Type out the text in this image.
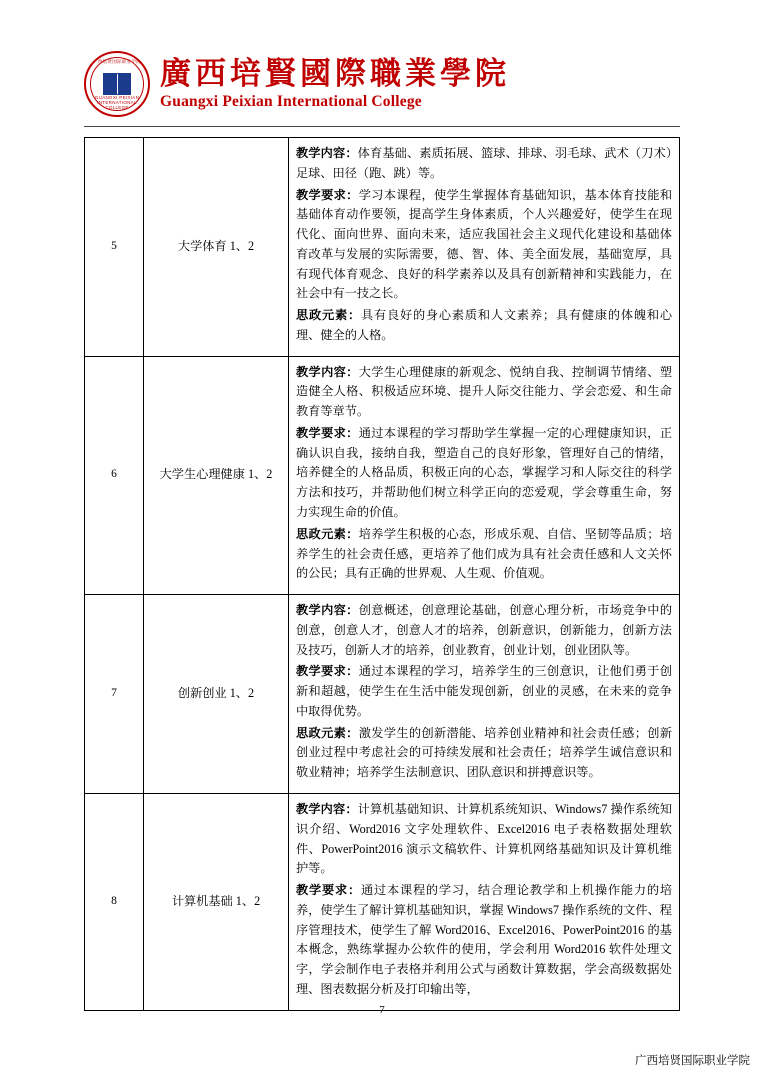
广西培贤国际职业学院
GUANGXI PEIXIAN INTERNATIONAL COLLEGE
廣西培賢國際職業學院
Guangxi Peixian International College
5	大学体育 1、2	教学内容：体育基础、素质拓展、篮球、排球、羽毛球、武术（刀术）足球、田径（跑、跳）等。

教学要求：学习本课程，使学生掌握体育基础知识，基本体育技能和基础体育动作要领，提高学生身体素质，个人兴趣爱好，使学生在现代化、面向世界、面向未来，适应我国社会主义现代化建设和基础体育改革与发展的实际需要，德、智、体、美全面发展，基础宽厚，具有现代体育观念、良好的科学素养以及具有创新精神和实践能力，在社会中有一技之长。

思政元素：具有良好的身心素质和人文素养；具有健康的体魄和心理、健全的人格。

6	大学生心理健康 1、2	教学内容：大学生心理健康的新观念、悦纳自我、控制调节情绪、塑造健全人格、积极适应环境、提升人际交往能力、学会恋爱、和生命教育等章节。

教学要求：通过本课程的学习帮助学生掌握一定的心理健康知识，正确认识自我，接纳自我，塑造自己的良好形象，管理好自己的情绪，培养健全的人格品质，积极正向的心态，掌握学习和人际交往的科学方法和技巧，并帮助他们树立科学正向的恋爱观，学会尊重生命，努力实现生命的价值。

思政元素：培养学生积极的心态，形成乐观、自信、坚韧等品质；培养学生的社会责任感，更培养了他们成为具有社会责任感和人文关怀的公民；具有正确的世界观、人生观、价值观。

7	创新创业 1、2	教学内容：创意概述，创意理论基础，创意心理分析，市场竞争中的创意，创意人才，创意人才的培养，创新意识，创新能力，创新方法及技巧，创新人才的培养，创业教育，创业计划，创业团队等。

教学要求：通过本课程的学习，培养学生的三创意识，让他们勇于创新和超越，使学生在生活中能发现创新，创业的灵感，在未来的竞争中取得优势。

思政元素：激发学生的创新潜能、培养创业精神和社会责任感；创新创业过程中考虑社会的可持续发展和社会责任；培养学生诚信意识和敬业精神；培养学生法制意识、团队意识和拼搏意识等。

8	计算机基础 1、2	教学内容：计算机基础知识、计算机系统知识、Windows7 操作系统知识介绍、Word2016 文字处理软件、Excel2016 电子表格数据处理软件、PowerPoint2016 演示文稿软件、计算机网络基础知识及计算机维护等。

教学要求：通过本课程的学习，结合理论教学和上机操作能力的培养，使学生了解计算机基础知识，掌握 Windows7 操作系统的文件、程序管理技术，使学生了解 Word2016、Excel2016、PowerPoint2016 的基本概念，熟练掌握办公软件的使用，学会利用 Word2016 软件处理文字，学会制作电子表格并利用公式与函数计算数据，学会高级数据处理、图表数据分析及打印输出等，

7
广西培贤国际职业学院
